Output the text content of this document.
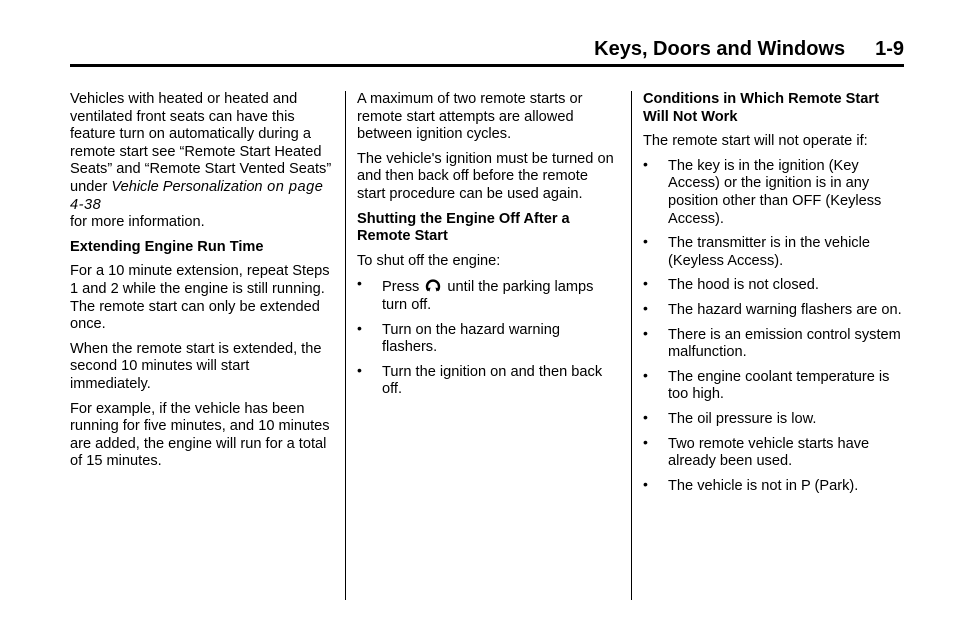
Keys, Doors and Windows 1-9

Vehicles with heated or heated and ventilated front seats can have this feature turn on automatically during a remote start see “Remote Start Heated Seats” and “Remote Start Vented Seats” under Vehicle Personalization on page 4-38
for more information.

Extending Engine Run Time

For a 10 minute extension, repeat Steps 1 and 2 while the engine is still running. The remote start can only be extended once.

When the remote start is extended, the second 10 minutes will start immediately.

For example, if the vehicle has been running for five minutes, and 10 minutes are added, the engine will run for a total of 15 minutes.

A maximum of two remote starts or remote start attempts are allowed between ignition cycles.

The vehicle's ignition must be turned on and then back off before the remote start procedure can be used again.

Shutting the Engine Off After a Remote Start

To shut off the engine:

• Press  until the parking lamps turn off.
• Turn on the hazard warning flashers.
• Turn the ignition on and then back off.

Conditions in Which Remote Start Will Not Work

The remote start will not operate if:

• The key is in the ignition (Key Access) or the ignition is in any position other than OFF (Keyless Access).
• The transmitter is in the vehicle (Keyless Access).
• The hood is not closed.
• The hazard warning flashers are on.
• There is an emission control system malfunction.
• The engine coolant temperature is too high.
• The oil pressure is low.
• Two remote vehicle starts have already been used.
• The vehicle is not in P (Park).
